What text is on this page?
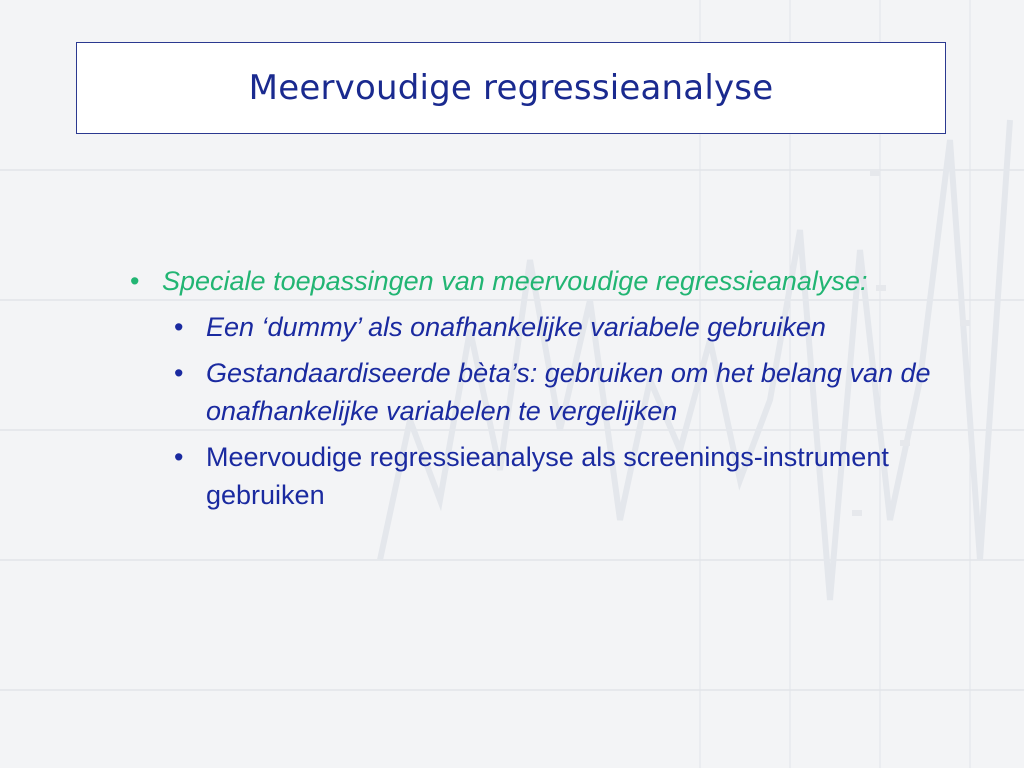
Meervoudige regressieanalyse
• Speciale toepassingen van meervoudige regressieanalyse:
• Een ‘dummy’ als onafhankelijke variabele gebruiken
• Gestandaardiseerde bèta’s: gebruiken om het belang van de onafhankelijke variabelen te vergelijken
• Meervoudige regressieanalyse als screenings-instrument gebruiken
